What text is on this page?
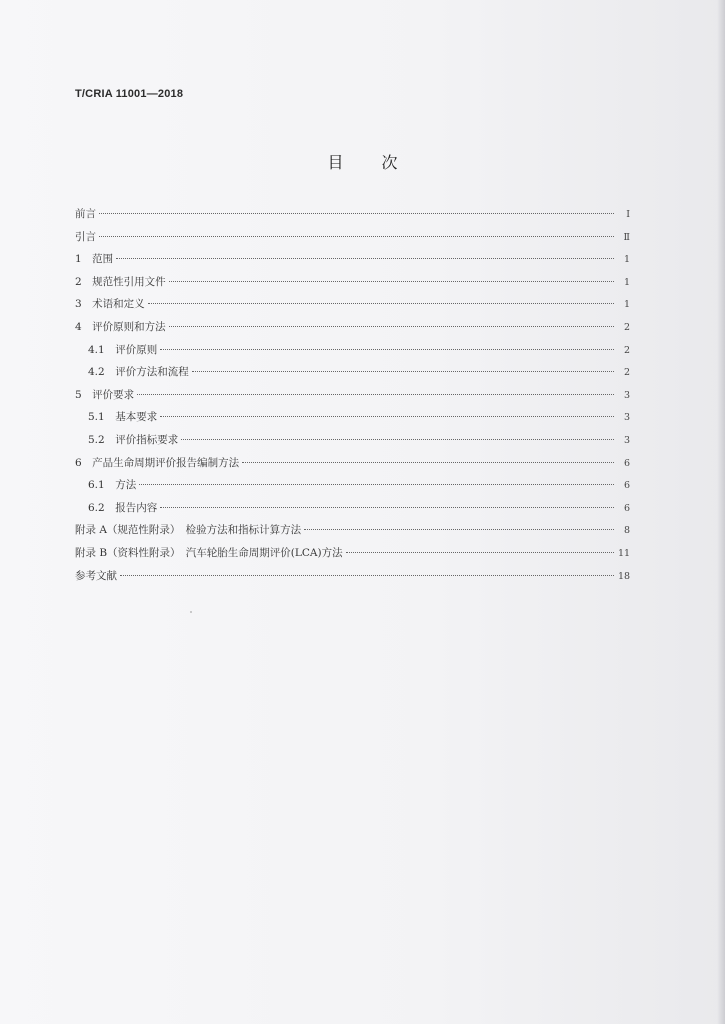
T/CRIA 11001—2018
目次
前言	Ⅰ
引言	Ⅱ
1　范围	1
2　规范性引用文件	1
3　术语和定义	1
4　评价原则和方法	2
4.1　评价原则	2
4.2　评价方法和流程	2
5　评价要求	3
5.1　基本要求	3
5.2　评价指标要求	3
6　产品生命周期评价报告编制方法	6
6.1　方法	6
6.2　报告内容	6
附录 A（规范性附录）　检验方法和指标计算方法	8
附录 B（资料性附录）　汽车轮胎生命周期评价(LCA)方法	11
参考文献	18
